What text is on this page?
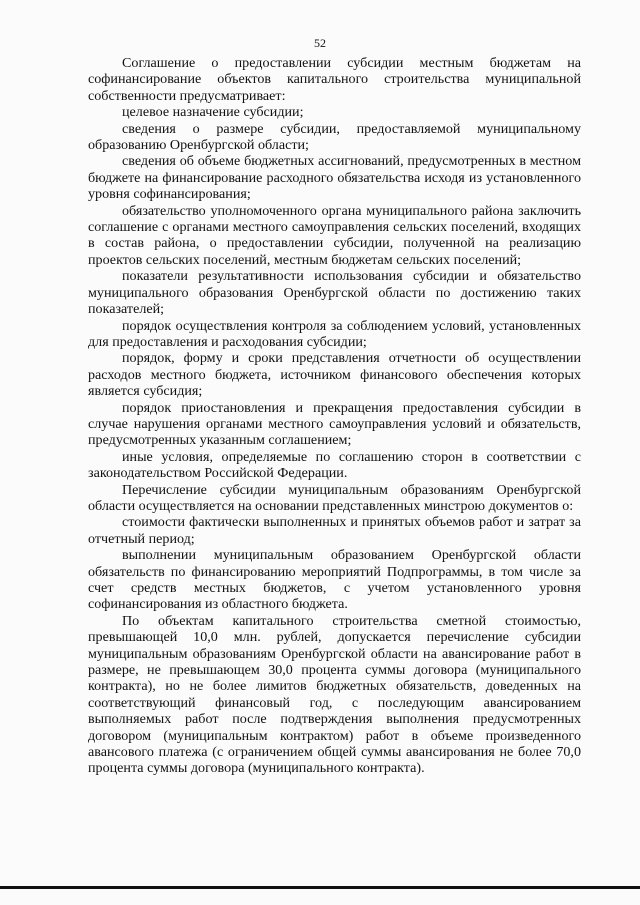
52

Соглашение о предоставлении субсидии местным бюджетам на софинансирование объектов капитального строительства муниципальной собственности предусматривает:

целевое назначение субсидии;

сведения о размере субсидии, предоставляемой муниципальному образованию Оренбургской области;

сведения об объеме бюджетных ассигнований, предусмотренных в местном бюджете на финансирование расходного обязательства исходя из установленного уровня софинансирования;

обязательство уполномоченного органа муниципального района заключить соглашение с органами местного самоуправления сельских поселений, входящих в состав района, о предоставлении субсидии, полученной на реализацию проектов сельских поселений, местным бюджетам сельских поселений;

показатели результативности использования субсидии и обязательство муниципального образования Оренбургской области по достижению таких показателей;

порядок осуществления контроля за соблюдением условий, установленных для предоставления и расходования субсидии;

порядок, форму и сроки представления отчетности об осуществлении расходов местного бюджета, источником финансового обеспечения которых является субсидия;

порядок приостановления и прекращения предоставления субсидии в случае нарушения органами местного самоуправления условий и обязательств, предусмотренных указанным соглашением;

иные условия, определяемые по соглашению сторон в соответствии с законодательством Российской Федерации.

Перечисление субсидии муниципальным образованиям Оренбургской области осуществляется на основании представленных минстрою документов о:

стоимости фактически выполненных и принятых объемов работ и затрат за отчетный период;

выполнении муниципальным образованием Оренбургской области обязательств по финансированию мероприятий Подпрограммы, в том числе за счет средств местных бюджетов, с учетом установленного уровня софинансирования из областного бюджета.

По объектам капитального строительства сметной стоимостью, превышающей 10,0 млн. рублей, допускается перечисление субсидии муниципальным образованиям Оренбургской области на авансирование работ в размере, не превышающем 30,0 процента суммы договора (муниципального контракта), но не более лимитов бюджетных обязательств, доведенных на соответствующий финансовый год, с последующим авансированием выполняемых работ после подтверждения выполнения предусмотренных договором (муниципальным контрактом) работ в объеме произведенного авансового платежа (с ограничением общей суммы авансирования не более 70,0 процента суммы договора (муниципального контракта).
